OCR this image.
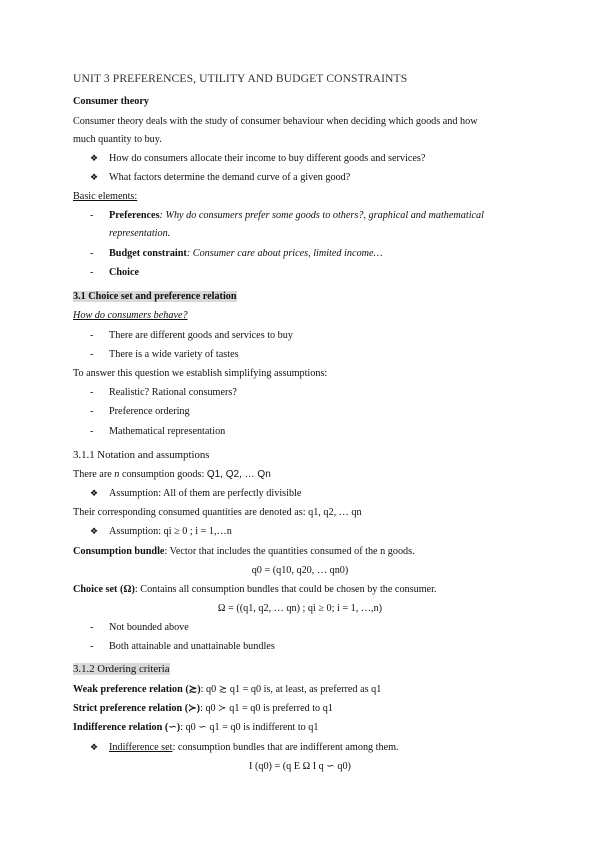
UNIT 3 PREFERENCES, UTILITY AND BUDGET CONSTRAINTS
Consumer theory
Consumer theory deals with the study of consumer behaviour when deciding which goods and how
much quantity to buy.
❖ How do consumers allocate their income to buy different goods and services?
❖ What factors determine the demand curve of a given good?
Basic elements:
- Preferences: Why do consumers prefer some goods to others?, graphical and mathematical
representation.
- Budget constraint: Consumer care about prices, limited income…
- Choice
3.1 Choice set and preference relation
How do consumers behave?
- There are different goods and services to buy
- There is a wide variety of tastes
To answer this question we establish simplifying assumptions:
- Realistic? Rational consumers?
- Preference ordering
- Mathematical representation
3.1.1 Notation and assumptions
There are n consumption goods: Q1, Q2, … Qn
❖ Assumption: All of them are perfectly divisible
Their corresponding consumed quantities are denoted as: q1, q2, … qn
❖ Assumption: qi ≥ 0 ; i = 1,…n
Consumption bundle: Vector that includes the quantities consumed of the n goods.
q0 = (q10, q20, … qn0)
Choice set (Ω): Contains all consumption bundles that could be chosen by the consumer.
Ω = ((q1, q2, … qn) ; qi ≥ 0; i = 1, …,n)
- Not bounded above
- Both attainable and unattainable bundles
3.1.2 Ordering criteria
Weak preference relation (≿): q0 ≿ q1 = q0 is, at least, as preferred as q1
Strict preference relation (≻): q0 ≻ q1 = q0 is preferred to q1
Indifference relation (∽): q0 ∽ q1 = q0 is indifferent to q1
❖ Indifference set: consumption bundles that are indifferent among them.
I (q0) = (q E Ω I q ∽ q0)
